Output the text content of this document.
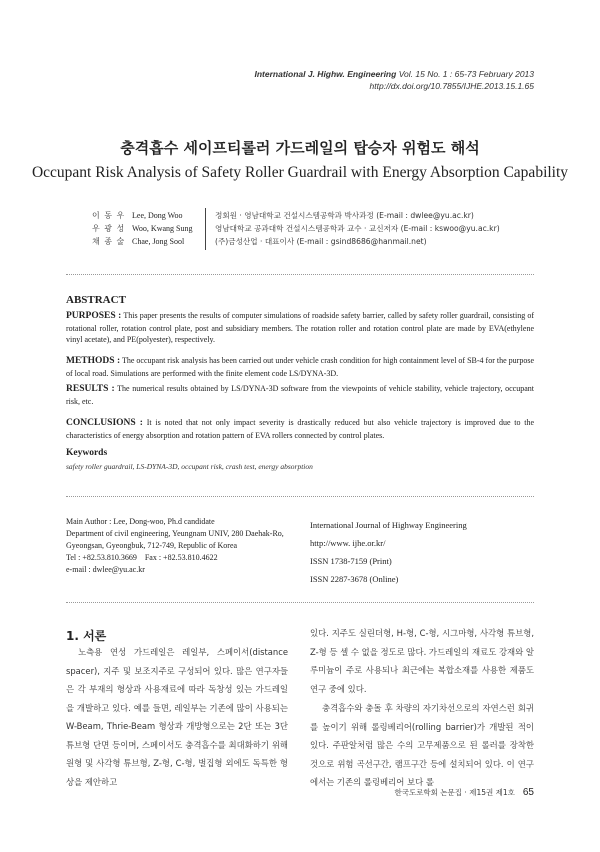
International J. Highw. Engineering Vol. 15 No. 1 : 65-73 February 2013
http://dx.doi.org/10.7855/IJHE.2013.15.1.65
충격흡수 세이프티롤러 가드레일의 탑승자 위험도 해석
Occupant Risk Analysis of Safety Roller Guardrail with Energy Absorption Capability
이 동 우 Lee, Dong Woo
우 광 성 Woo, Kwang Sung
채 종 술 Chae, Jong Sool
정회원 · 영남대학교 건설시스템공학과 박사과정 (E-mail : dwlee@yu.ac.kr)
영남대학교 공과대학 건설시스템공학과 교수 · 교신저자 (E-mail : kswoo@yu.ac.kr)
(주)금성산업 · 대표이사 (E-mail : gsind8686@hanmail.net)
ABSTRACT
PURPOSES : This paper presents the results of computer simulations of roadside safety barrier, called by safety roller guardrail, consisting of rotational roller, rotation control plate, post and subsidiary members. The rotation roller and rotation control plate are made by EVA(ethylene vinyl acetate), and PE(polyester), respectively.
METHODS : The occupant risk analysis has been carried out under vehicle crash condition for high containment level of SB-4 for the purpose of local road. Simulations are performed with the finite element code LS/DYNA-3D.
RESULTS : The numerical results obtained by LS/DYNA-3D software from the viewpoints of vehicle stability, vehicle trajectory, occupant risk, etc.
CONCLUSIONS : It is noted that not only impact severity is drastically reduced but also vehicle trajectory is improved due to the characteristics of energy absorption and rotation pattern of EVA rollers connected by control plates.
Keywords
safety roller guardrail, LS-DYNA-3D, occupant risk, crash test, energy absorption
Main Author : Lee, Dong-woo, Ph.d candidate
Department of civil engineering, Yeungnam UNIV, 280 Daehak-Ro,
Gyeongsan, Gyeongbuk, 712-749, Republic of Korea
Tel : +82.53.810.3669    Fax : +82.53.810.4622
e-mail : dwlee@yu.ac.kr
International Journal of Highway Engineering
http://www. ijhe.or.kr/
ISSN 1738-7159 (Print)
ISSN 2287-3678 (Online)
1. 서론

노측용 연성 가드레일은 레일부, 스페이서(distance spacer), 지주 및 보조지주로 구성되어 있다. 많은 연구자들은 각 부재의 형상과 사용재료에 따라 독창성 있는 가드레일을 개발하고 있다. 예를 들면, 레일부는 기존에 많이 사용되는 W-Beam, Thrie-Beam 형상과 개방형으로는 2단 또는 3단 튜브형 단면 등이며, 스페이서도 충격흡수를 최대화하기 위해 원형 및 사각형 튜브형, Z-형, C-형, 벌집형 외에도 독특한 형상을 제안하고

있다. 지주도 실린더형, H-형, C-형, 시그마형, 사각형 튜브형, Z-형 등 셀 수 없을 정도로 많다. 가드레일의 재료도 강재와 알루미늄이 주로 사용되나 최근에는 복합소재를 사용한 제품도 연구 중에 있다.

충격흡수와 충돌 후 차량의 자기차선으로의 자연스런 회귀를 높이기 위해 롤링베리어(rolling barrier)가 개발된 적이 있다. 주판알처럼 많은 수의 고무제품으로 된 롤러를 장착한 것으로 위험 곡선구간, 램프구간 등에 설치되어 있다. 이 연구에서는 기존의 롤링베리어 보다 롤

한국도로학회 논문집 · 제15권 제1호 65
